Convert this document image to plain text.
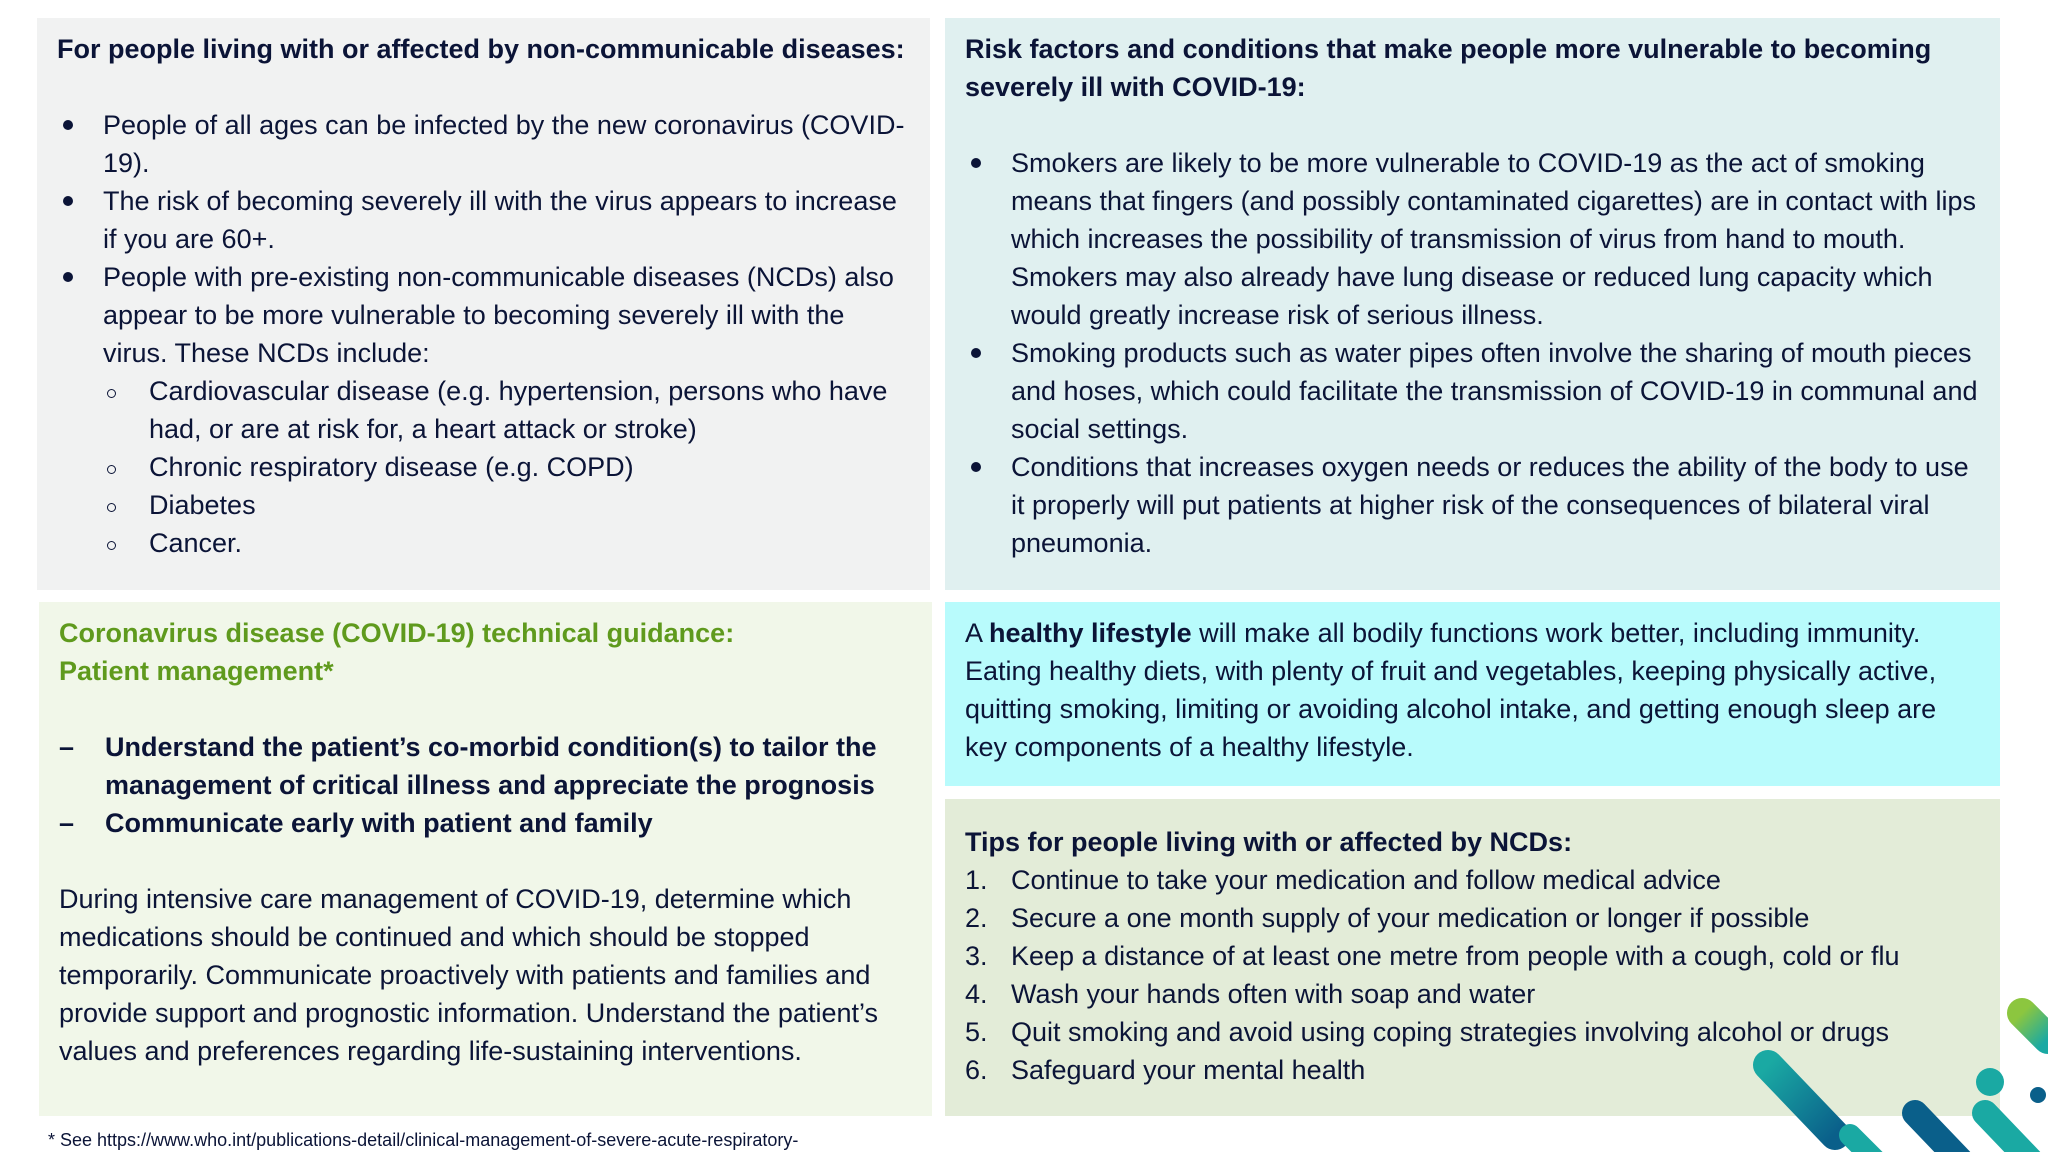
For people living with or affected by non-communicable diseases:

People of all ages can be infected by the new coronavirus (COVID-19).
The risk of becoming severely ill with the virus appears to increase if you are 60+.
People with pre-existing non-communicable diseases (NCDs) also appear to be more vulnerable to becoming severely ill with the virus. These NCDs include:
Cardiovascular disease (e.g. hypertension, persons who have had, or are at risk for, a heart attack or stroke)
Chronic respiratory disease (e.g. COPD)
Diabetes
Cancer.

Risk factors and conditions that make people more vulnerable to becoming severely ill with COVID-19:

Smokers are likely to be more vulnerable to COVID-19 as the act of smoking means that fingers (and possibly contaminated cigarettes) are in contact with lips which increases the possibility of transmission of virus from hand to mouth. Smokers may also already have lung disease or reduced lung capacity which would greatly increase risk of serious illness.
Smoking products such as water pipes often involve the sharing of mouth pieces and hoses, which could facilitate the transmission of COVID-19 in communal and social settings.
Conditions that increases oxygen needs or reduces the ability of the body to use it properly will put patients at higher risk of the consequences of bilateral viral pneumonia.
Coronavirus disease (COVID-19) technical guidance:
Patient management*
– Understand the patient’s co-morbid condition(s) to tailor the management of critical illness and appreciate the prognosis
– Communicate early with patient and family

During intensive care management of COVID-19, determine which medications should be continued and which should be stopped temporarily. Communicate proactively with patients and families and provide support and prognostic information. Understand the patient’s values and preferences regarding life-sustaining interventions.

A healthy lifestyle will make all bodily functions work better, including immunity. Eating healthy diets, with plenty of fruit and vegetables, keeping physically active, quitting smoking, limiting or avoiding alcohol intake, and getting enough sleep are key components of a healthy lifestyle.

Tips for people living with or affected by NCDs:

1. Continue to take your medication and follow medical advice
2. Secure a one month supply of your medication or longer if possible
3. Keep a distance of at least one metre from people with a cough, cold or flu
4. Wash your hands often with soap and water
5. Quit smoking and avoid using coping strategies involving alcohol or drugs
6. Safeguard your mental health
* See https://www.who.int/publications-detail/clinical-management-of-severe-acute-respiratory-
